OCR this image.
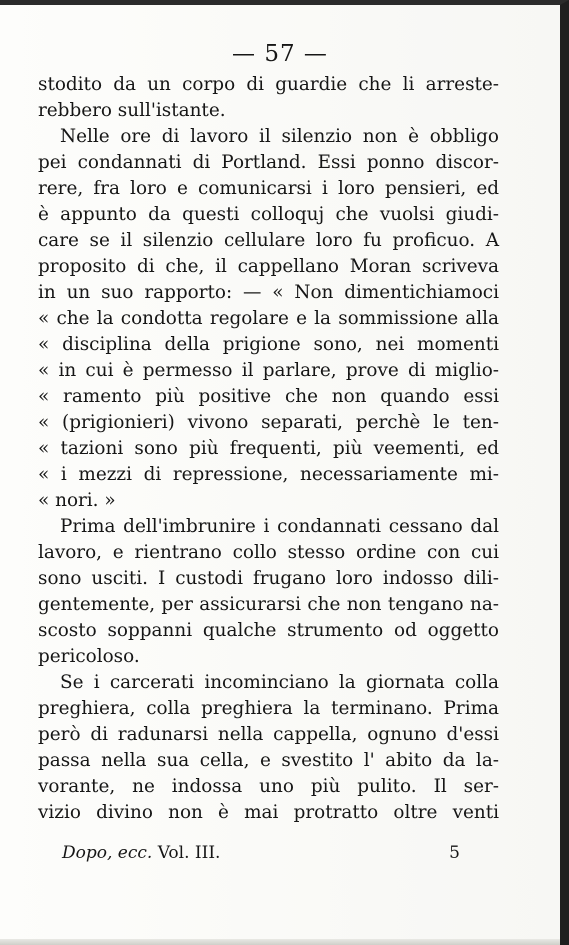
— 57 —
stodito da un corpo di guardie che li arreste-
rebbero sull'istante.
Nelle ore di lavoro il silenzio non è obbligo
pei condannati di Portland. Essi ponno discor-
rere, fra loro e comunicarsi i loro pensieri, ed
è appunto da questi colloquj che vuolsi giudi-
care se il silenzio cellulare loro fu proficuo. A
proposito di che, il cappellano Moran scriveva
in un suo rapporto: — « Non dimentichiamoci
« che la condotta regolare e la sommissione alla
« disciplina della prigione sono, nei momenti
« in cui è permesso il parlare, prove di miglio-
« ramento più positive che non quando essi
« (prigionieri) vivono separati, perchè le ten-
« tazioni sono più frequenti, più veementi, ed
« i mezzi di repressione, necessariamente mi-
« nori. »
Prima dell'imbrunire i condannati cessano dal
lavoro, e rientrano collo stesso ordine con cui
sono usciti. I custodi frugano loro indosso dili-
gentemente, per assicurarsi che non tengano na-
scosto soppanni qualche strumento od oggetto
pericoloso.
Se i carcerati incominciano la giornata colla
preghiera, colla preghiera la terminano. Prima
però di radunarsi nella cappella, ognuno d'essi
passa nella sua cella, e svestito l' abito da la-
vorante, ne indossa uno più pulito. Il ser-
vizio divino non è mai protratto oltre venti
Dopo, ecc. Vol. III.	5
